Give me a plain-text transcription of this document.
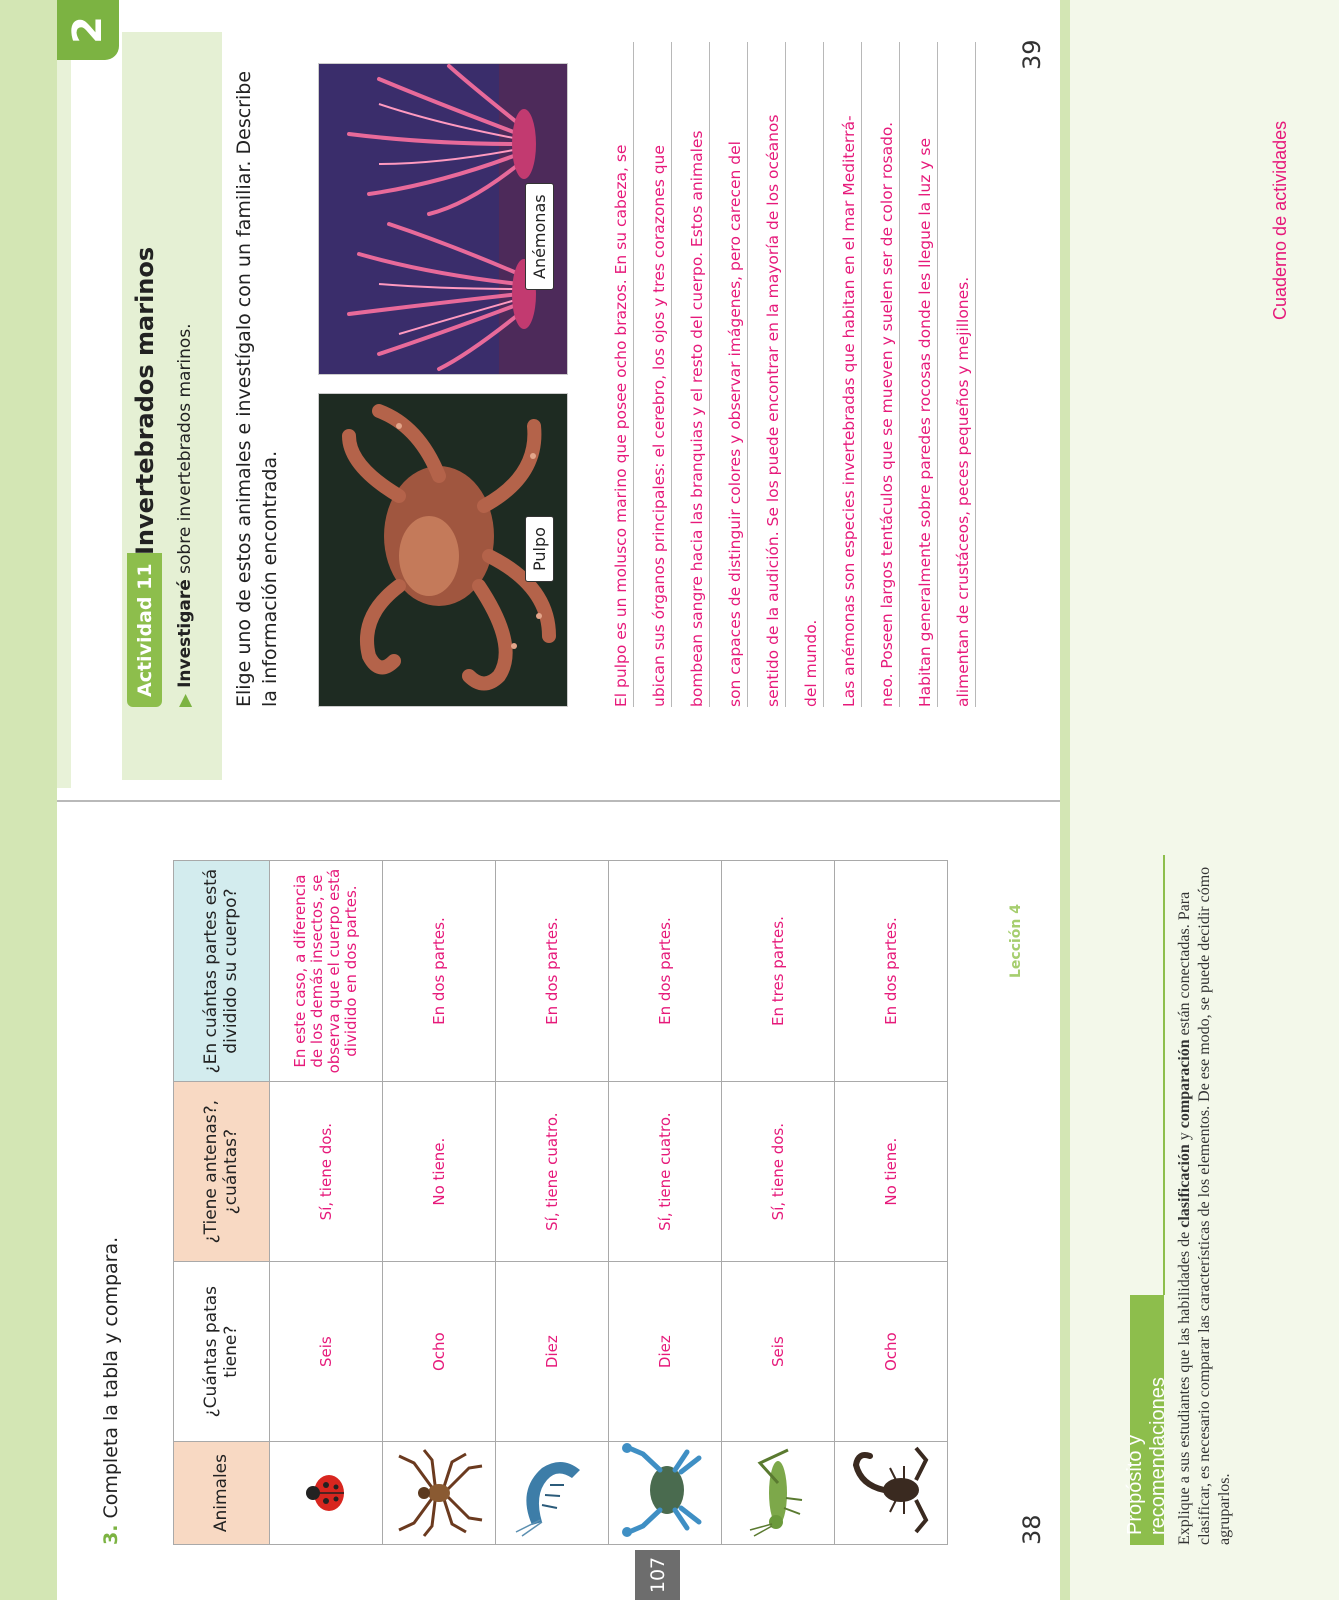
107
3.Completa la tabla y compara.	Animales	¿Cuántas patas tiene?	¿Tiene antenas?, ¿cuántas?	¿En cuántas partes está dividido su cuerpo?

	Seis	Sí, tiene dos.	En este caso, a diferencia de los demás insectos, se observa que el cuerpo está dividido en dos partes.

	Ocho	No tiene.	En dos partes.

	Diez	Sí, tiene cuatro.	En dos partes.

	Diez	Sí, tiene cuatro.	En dos partes.

	Seis	Sí, tiene dos.	En tres partes.

	Ocho	No tiene.	En dos partes.
38
Lección 4
Actividad 11
Invertebrados marinos
▶Investigaré sobre invertebrados marinos. Elige uno de estos animales e investígalo con un familiar. Describe la información encontrada.	Pulpo
Anémonas	El pulpo es un molusco marino que posee ocho brazos. En su cabeza, se	ubican sus órganos principales: el cerebro, los ojos y tres corazones que	bombean sangre hacia las branquias y el resto del cuerpo. Estos animales	son capaces de distinguir colores y observar imágenes, pero carecen del	sentido de la audición. Se los puede encontrar en la mayoría de los océanos	del mundo.	Las anémonas son especies invertebradas que habitan en el mar Mediterrá-	neo. Poseen largos tentáculos que se mueven y suelen ser de color rosado.	Habitan generalmente sobre paredes rocosas donde les llegue la luz y se	alimentan de crustáceos, peces pequeños y mejillones.
39
2
Propósito y recomendaciones Explique a sus estudiantes que las habilidades de clasificación y comparación están conectadas. Para clasificar, es necesario comparar las características de los elementos. De ese modo, se puede decidir cómo agruparlos.
Cuaderno de actividades
